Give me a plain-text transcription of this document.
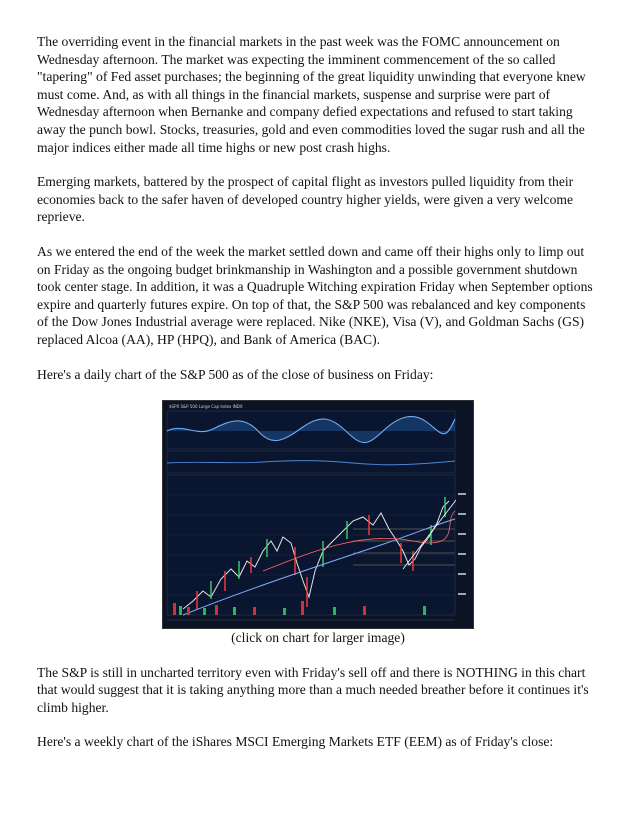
The overriding event in the financial markets in the past week was the FOMC announcement on Wednesday afternoon. The market was expecting the imminent commencement of the so called "tapering" of Fed asset purchases; the beginning of the great liquidity unwinding that everyone knew must come. And, as with all things in the financial markets, suspense and surprise were part of Wednesday afternoon when Bernanke and company defied expectations and refused to start taking away the punch bowl. Stocks, treasuries, gold and even commodities loved the sugar rush and all the major indices either made all time highs or new post crash highs.

Emerging markets, battered by the prospect of capital flight as investors pulled liquidity from their economies back to the safer haven of developed country higher yields, were given a very welcome reprieve.

As we entered the end of the week the market settled down and came off their highs only to limp out on Friday as the ongoing budget brinkmanship in Washington and a possible government shutdown took center stage. In addition, it was a Quadruple Witching expiration Friday when September options expire and quarterly futures expire. On top of that, the S&P 500 was rebalanced and key components of the Dow Jones Industrial average were replaced. Nike (NKE), Visa (V), and Goldman Sachs (GS) replaced Alcoa (AA), HP (HPQ), and Bank of America (BAC).

Here's a daily chart of the S&P 500 as of the close of business on Friday:

$SPX S&P 500 Large Cap Index INDX

(click on chart for larger image)

The S&P is still in uncharted territory even with Friday's sell off and there is NOTHING in this chart that would suggest that it is taking anything more than a much needed breather before it continues it's climb higher.

Here's a weekly chart of the iShares MSCI Emerging Markets ETF (EEM) as of Friday's close:
